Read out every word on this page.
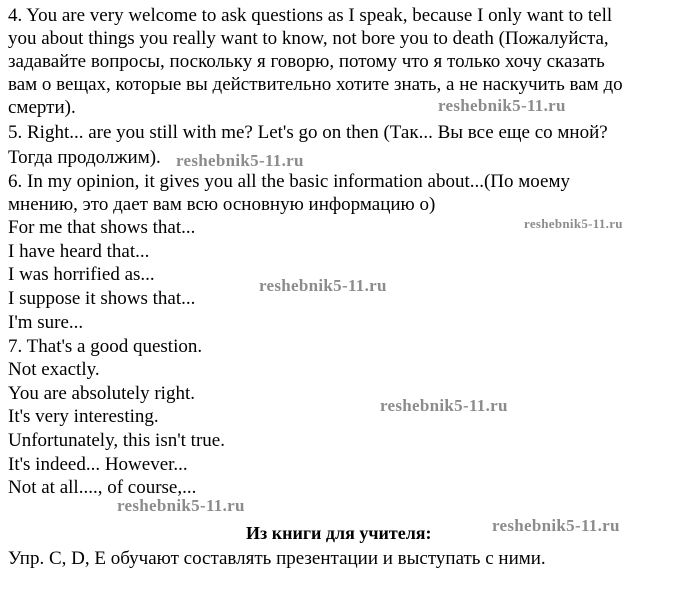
4. You are very welcome to ask questions as I speak, because I only want to tell
you about things you really want to know, not bore you to death (Пожалуйста,
задавайте вопросы, поскольку я говорю, потому что я только хочу сказать
вам о вещах, которые вы действительно хотите знать, а не наскучить вам до
смерти).
5. Right... are you still with me? Let's go on then (Так... Вы все еще со мной?
Тогда продолжим).
6. In my opinion, it gives you all the basic information about...(По моему
мнению, это дает вам всю основную информацию о)
For me that shows that...
I have heard that...
I was horrified as...
I suppose it shows that...
I'm sure...
7. That's a good question.
Not exactly.
You are absolutely right.
It's very interesting.
Unfortunately, this isn't true.
It's indeed... However...
Not at all...., of course,...
Из книги для учителя:
Упр. C, D, E обучают составлять презентации и выступать с ними.
reshebnik5-11.ru
reshebnik5-11.ru
reshebnik5-11.ru
reshebnik5-11.ru
reshebnik5-11.ru
reshebnik5-11.ru
reshebnik5-11.ru
